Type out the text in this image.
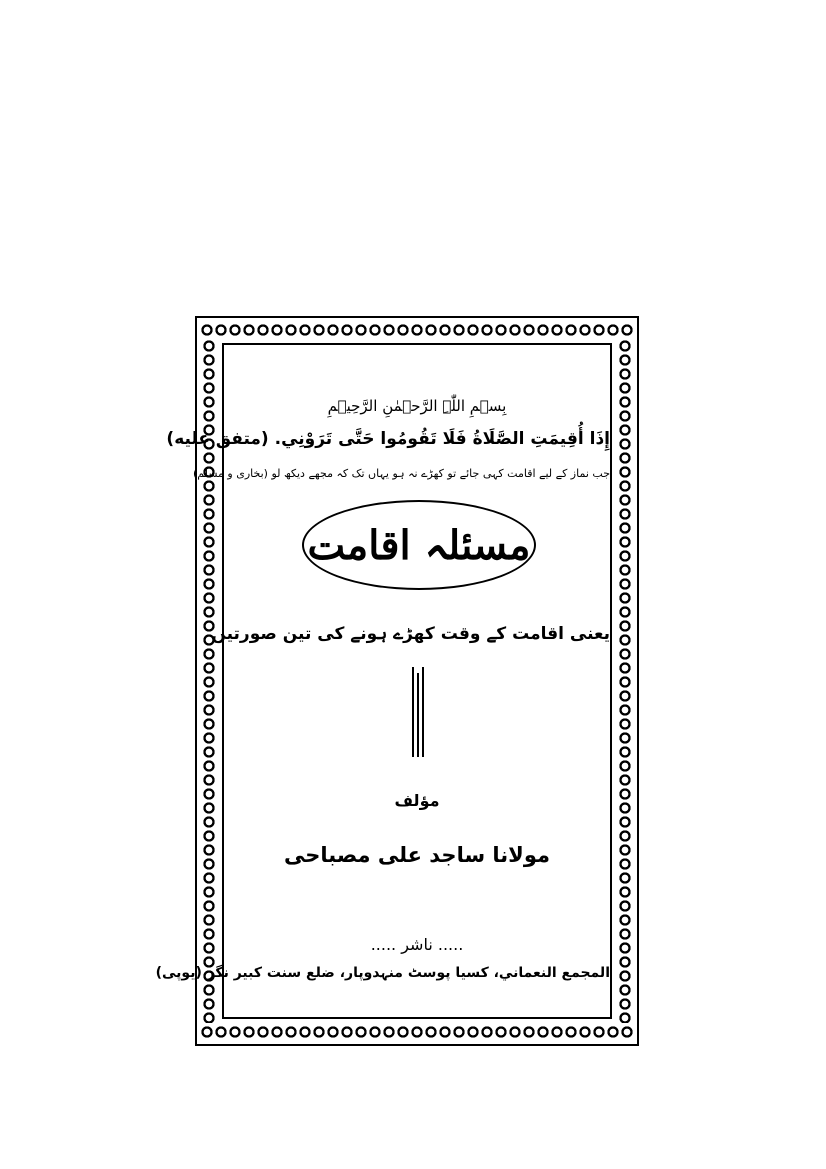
بِسۡمِ اللّٰہِ الرَّحۡمٰنِ الرَّحِیۡمِ
إِذَا أُقِيمَتِ الصَّلَاةُ فَلَا تَقُومُوا حَتَّى تَرَوْنِي. (متفق علیه)
جب نماز کے لیے اقامت کہی جائے تو کھڑے نہ ہو یہاں تک کہ مجھے دیکھ لو (بخاری و مسلم)
مسئلہ اقامت
یعنی اقامت کے وقت کھڑے ہونے کی تین صورتیں
مؤلف
مولانا ساجد علی مصباحی
..... ناشر .....
المجمع النعماني، کسیا پوسٹ منہدوپار، ضلع سنت کبیر نگر (یوپی)
